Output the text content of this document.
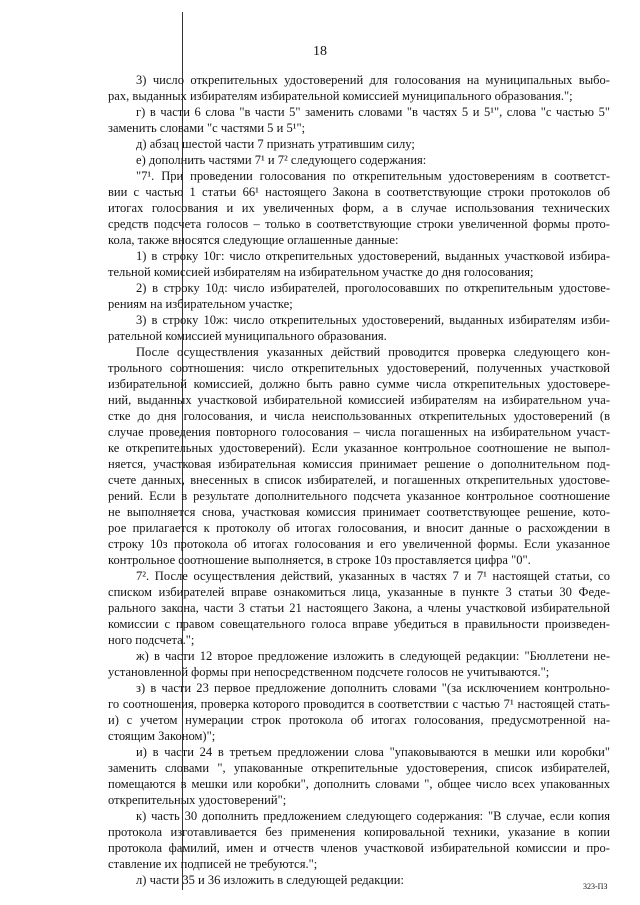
18
3) число открепительных удостоверений для голосования на муниципальных выбо-
рах, выданных избирателям избирательной комиссией муниципального образования.";
г) в части 6 слова "в части 5" заменить словами "в частях 5 и 5¹", слова "с частью 5"
заменить словами "с частями 5 и 5¹";
д) абзац шестой части 7 признать утратившим силу;
е) дополнить частями 7¹ и 7² следующего содержания:
"7¹. При проведении голосования по открепительным удостоверениям в соответст-
вии с частью 1 статьи 66¹ настоящего Закона в соответствующие строки протоколов об
итогах голосования и их увеличенных форм, а в случае использования технических
средств подсчета голосов – только в соответствующие строки увеличенной формы прото-
кола, также вносятся следующие оглашенные данные:
1) в строку 10г: число открепительных удостоверений, выданных участковой избира-
тельной комиссией избирателям на избирательном участке до дня голосования;
2) в строку 10д: число избирателей, проголосовавших по открепительным удостове-
рениям на избирательном участке;
3) в строку 10ж: число открепительных удостоверений, выданных избирателям изби-
рательной комиссией муниципального образования.
После осуществления указанных действий проводится проверка следующего кон-
трольного соотношения: число открепительных удостоверений, полученных участковой
избирательной комиссией, должно быть равно сумме числа открепительных удостовере-
ний, выданных участковой избирательной комиссией избирателям на избирательном уча-
стке до дня голосования, и числа неиспользованных открепительных удостоверений (в
случае проведения повторного голосования – числа погашенных на избирательном участ-
ке открепительных удостоверений). Если указанное контрольное соотношение не выпол-
няется, участковая избирательная комиссия принимает решение о дополнительном под-
счете данных, внесенных в список избирателей, и погашенных открепительных удостове-
рений. Если в результате дополнительного подсчета указанное контрольное соотношение
не выполняется снова, участковая комиссия принимает соответствующее решение, кото-
рое прилагается к протоколу об итогах голосования, и вносит данные о расхождении в
строку 10з протокола об итогах голосования и его увеличенной формы. Если указанное
контрольное соотношение выполняется, в строке 10з проставляется цифра "0".
7². После осуществления действий, указанных в частях 7 и 7¹ настоящей статьи, со
списком избирателей вправе ознакомиться лица, указанные в пункте 3 статьи 30 Феде-
рального закона, части 3 статьи 21 настоящего Закона, а члены участковой избирательной
комиссии с правом совещательного голоса вправе убедиться в правильности произведен-
ного подсчета.";
ж) в части 12 второе предложение изложить в следующей редакции: "Бюллетени не-
установленной формы при непосредственном подсчете голосов не учитываются.";
з) в части 23 первое предложение дополнить словами "(за исключением контрольно-
го соотношения, проверка которого проводится в соответствии с частью 7¹ настоящей стать-
и) с учетом нумерации строк протокола об итогах голосования, предусмотренной на-
стоящим Законом)";
и) в части 24 в третьем предложении слова "упаковываются в мешки или коробки"
заменить словами ", упакованные открепительные удостоверения, список избирателей,
помещаются в мешки или коробки", дополнить словами ", общее число всех упакованных
открепительных удостоверений";
к) часть 30 дополнить предложением следующего содержания: "В случае, если копия
протокола изготавливается без применения копировальной техники, указание в копии
протокола фамилий, имен и отчеств членов участковой избирательной комиссии и про-
ставление их подписей не требуются.";
л) части 35 и 36 изложить в следующей редакции:	323-ПЗ
